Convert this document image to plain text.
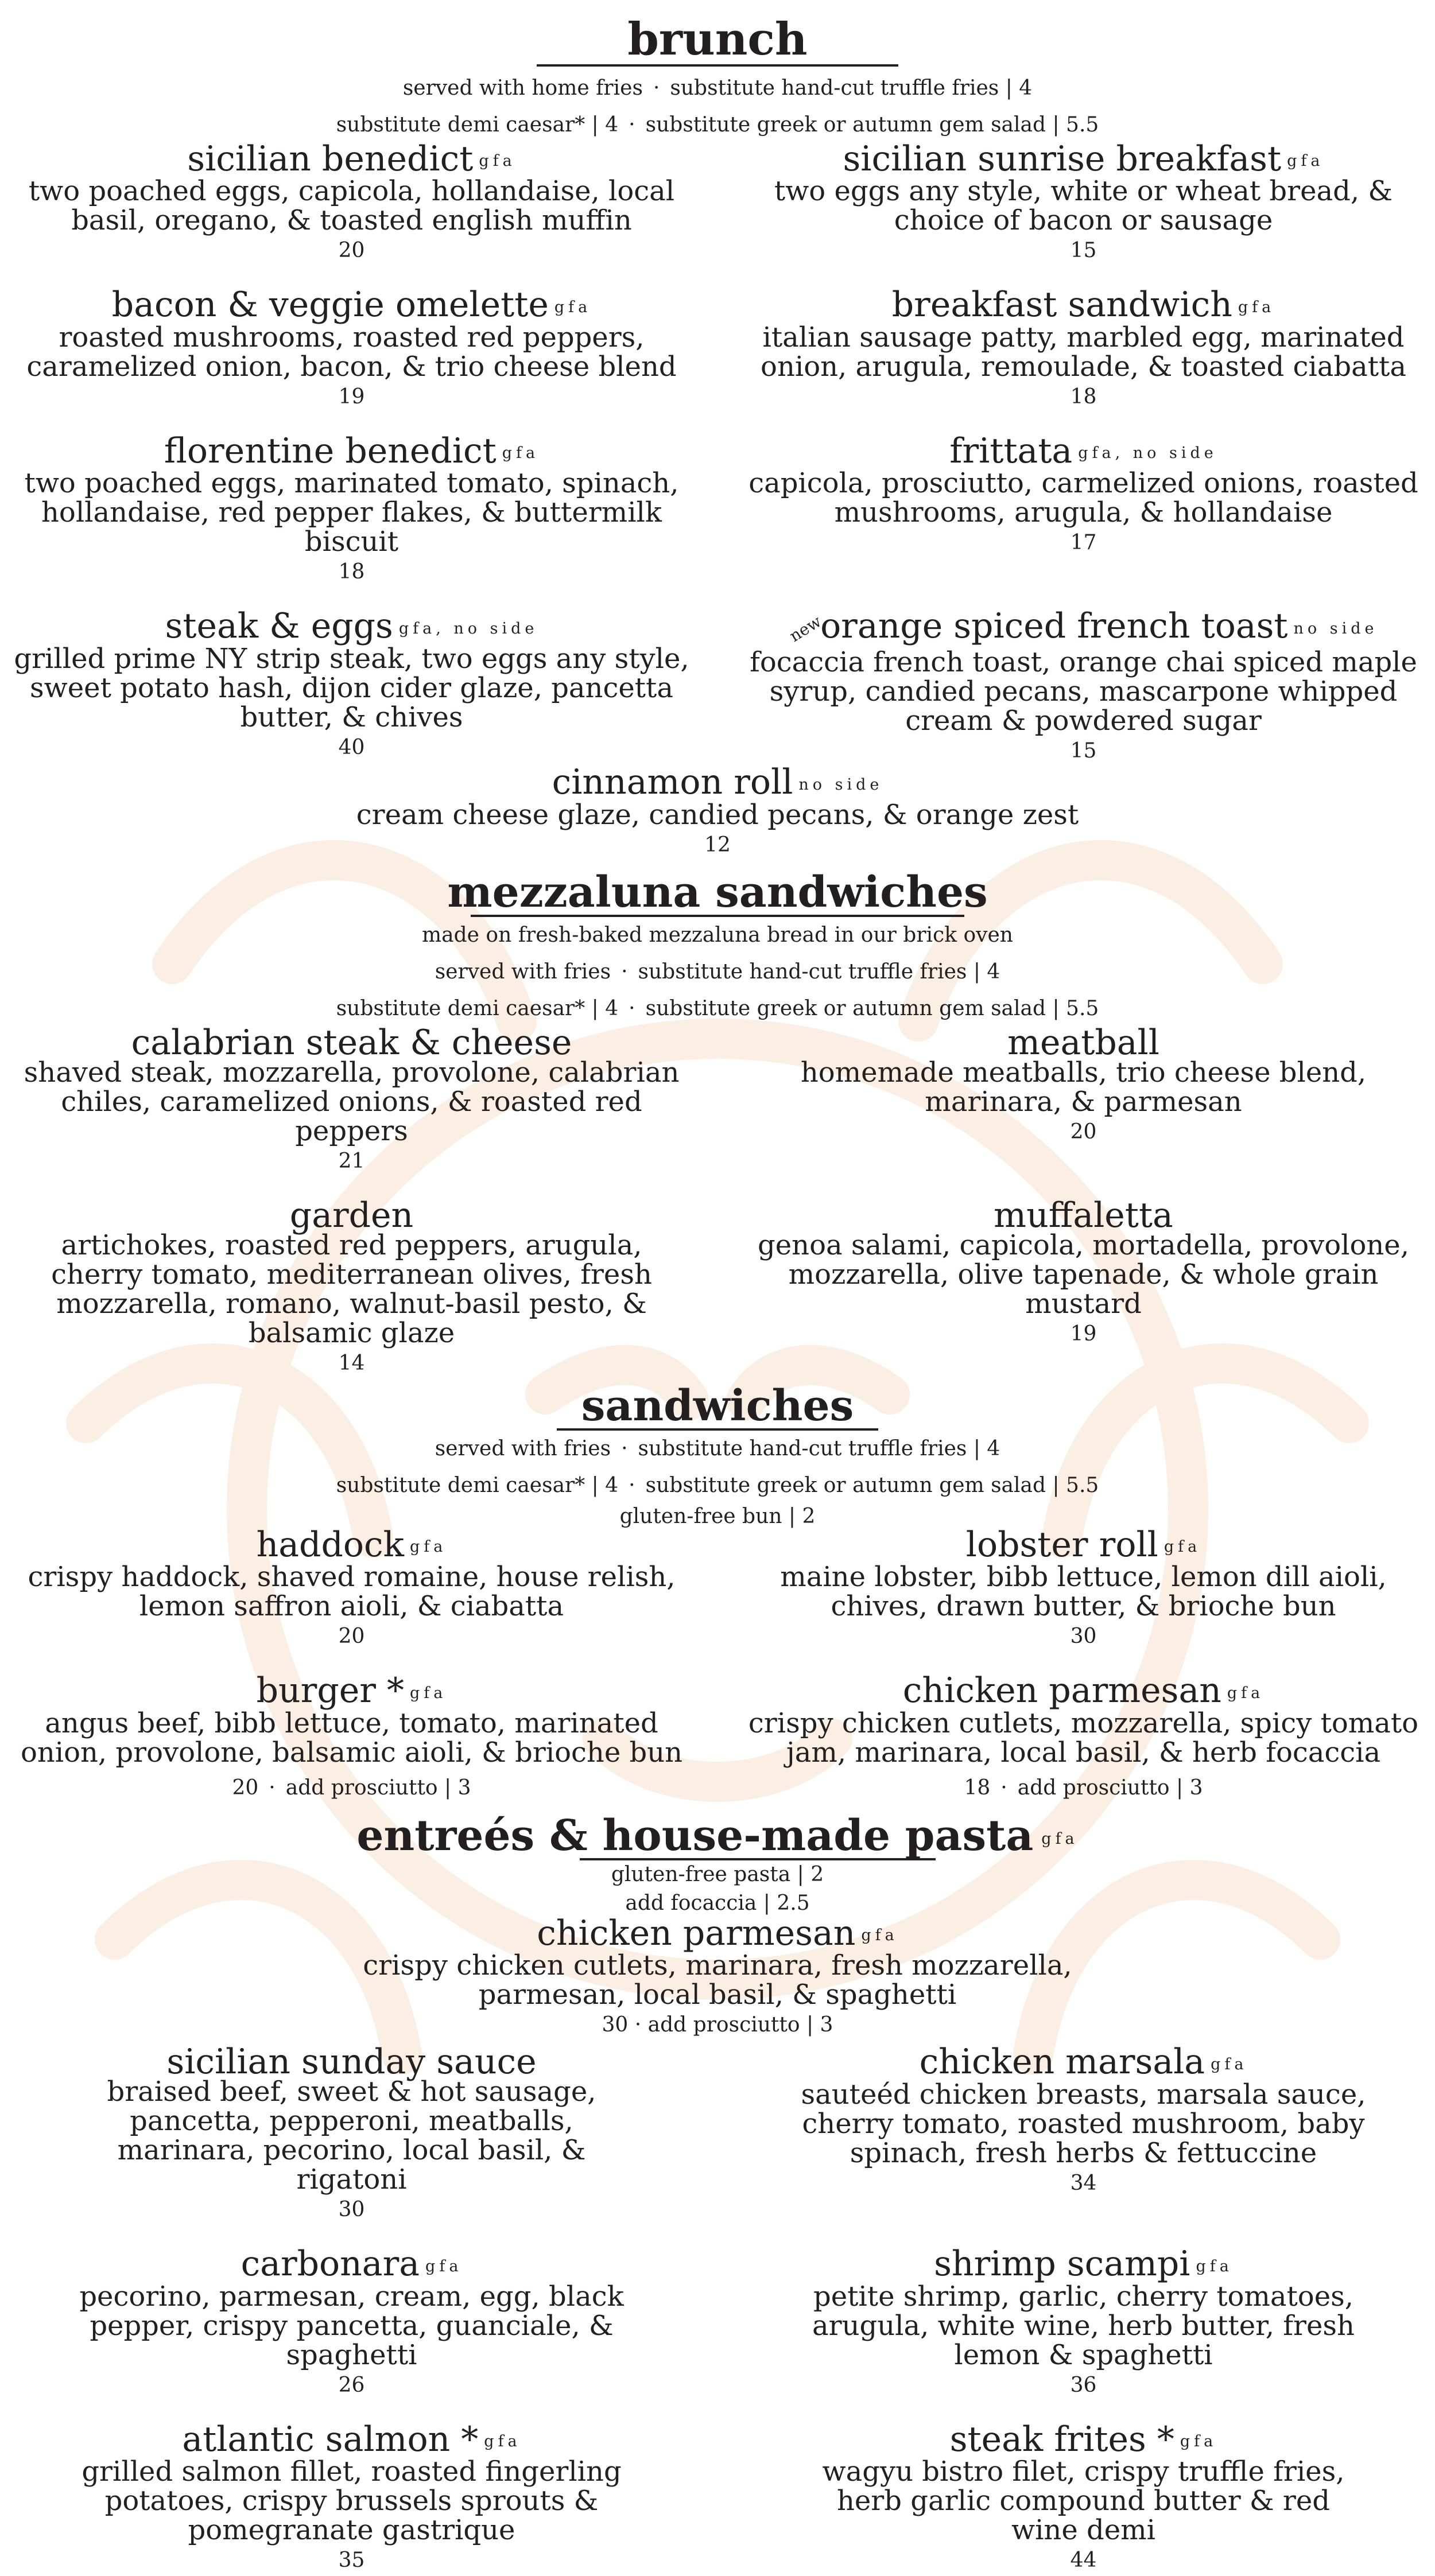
brunch
served with home fries · substitute hand-cut truffle fries | 4
substitute demi caesar* | 4 · substitute greek or autumn gem salad | 5.5
sicilian benedict gfa
two poached eggs, capicola, hollandaise, local basil, oregano, & toasted english muffin
20
sicilian sunrise breakfast gfa
two eggs any style, white or wheat bread, & choice of bacon or sausage
15
bacon & veggie omelette gfa
roasted mushrooms, roasted red peppers, caramelized onion, bacon, & trio cheese blend
19
breakfast sandwich gfa
italian sausage patty, marbled egg, marinated onion, arugula, remoulade, & toasted ciabatta
18
florentine benedict gfa
two poached eggs, marinated tomato, spinach, hollandaise, red pepper flakes, & buttermilk biscuit
18
frittata gfa, no side
capicola, prosciutto, carmelized onions, roasted mushrooms, arugula, & hollandaise
17
steak & eggs gfa, no side
grilled prime NY strip steak, two eggs any style, sweet potato hash, dijon cider glaze, pancetta butter, & chives
40
neworange spiced french toast no side
focaccia french toast, orange chai spiced maple syrup, candied pecans, mascarpone whipped cream & powdered sugar
15
cinnamon roll no side
cream cheese glaze, candied pecans, & orange zest
12
mezzaluna sandwiches
made on fresh-baked mezzaluna bread in our brick oven
served with fries · substitute hand-cut truffle fries | 4
substitute demi caesar* | 4 · substitute greek or autumn gem salad | 5.5
calabrian steak & cheese
shaved steak, mozzarella, provolone, calabrian chiles, caramelized onions, & roasted red peppers
21
meatball
homemade meatballs, trio cheese blend, marinara, & parmesan
20
garden
artichokes, roasted red peppers, arugula, cherry tomato, mediterranean olives, fresh mozzarella, romano, walnut-basil pesto, & balsamic glaze
14
muffaletta
genoa salami, capicola, mortadella, provolone, mozzarella, olive tapenade, & whole grain mustard
19
sandwiches
served with fries · substitute hand-cut truffle fries | 4
substitute demi caesar* | 4 · substitute greek or autumn gem salad | 5.5
gluten-free bun | 2
haddock gfa
crispy haddock, shaved romaine, house relish, lemon saffron aioli, & ciabatta
20
lobster roll gfa
maine lobster, bibb lettuce, lemon dill aioli, chives, drawn butter, & brioche bun
30
burger * gfa
angus beef, bibb lettuce, tomato, marinated onion, provolone, balsamic aioli, & brioche bun
20 · add prosciutto | 3
chicken parmesan gfa
crispy chicken cutlets, mozzarella, spicy tomato jam, marinara, local basil, & herb focaccia
18 · add prosciutto | 3
entreés & house-made pasta gfa
gluten-free pasta | 2
add focaccia | 2.5
chicken parmesan gfa
crispy chicken cutlets, marinara, fresh mozzarella, parmesan, local basil, & spaghetti
30 · add prosciutto | 3
sicilian sunday sauce
braised beef, sweet & hot sausage, pancetta, pepperoni, meatballs, marinara, pecorino, local basil, & rigatoni
30
chicken marsala gfa
sauteéd chicken breasts, marsala sauce, cherry tomato, roasted mushroom, baby spinach, fresh herbs & fettuccine
34
carbonara gfa
pecorino, parmesan, cream, egg, black pepper, crispy pancetta, guanciale, & spaghetti
26
shrimp scampi gfa
petite shrimp, garlic, cherry tomatoes, arugula, white wine, herb butter, fresh lemon & spaghetti
36
atlantic salmon * gfa
grilled salmon fillet, roasted fingerling potatoes, crispy brussels sprouts & pomegranate gastrique
35
steak frites * gfa
wagyu bistro filet, crispy truffle fries, herb garlic compound butter & red wine demi
44
